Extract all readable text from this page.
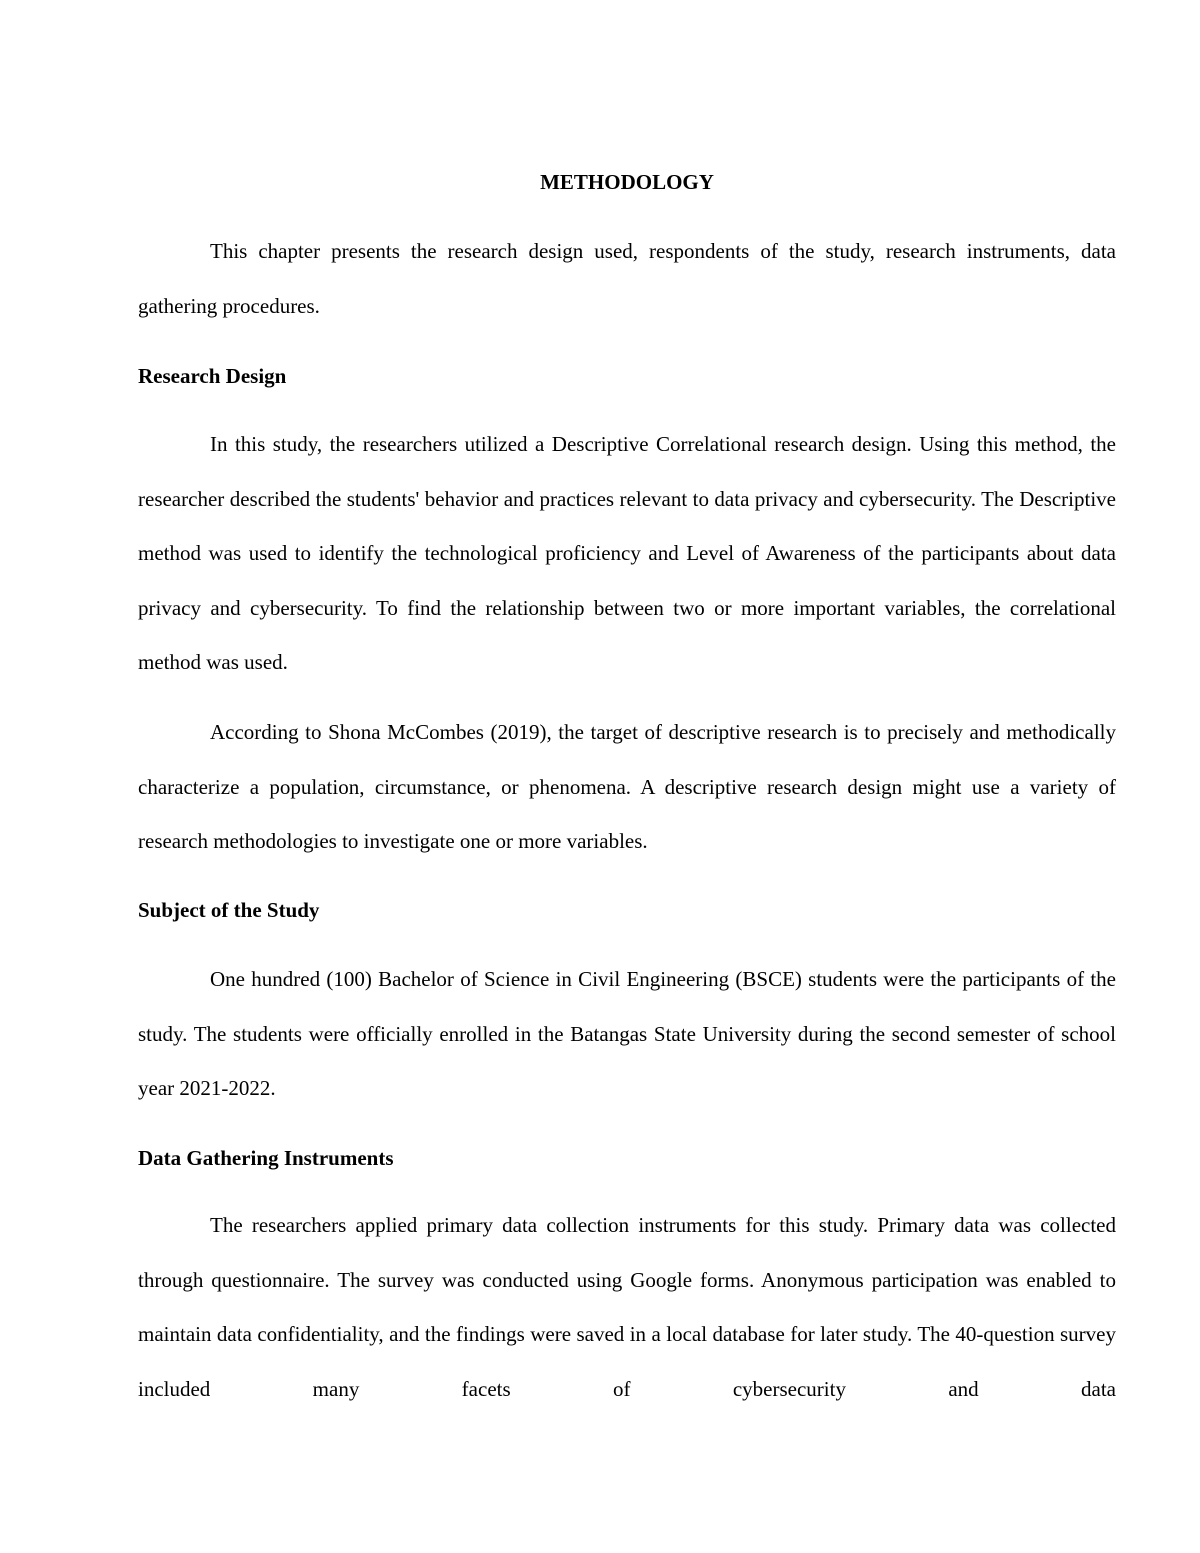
METHODOLOGY

This chapter presents the research design used, respondents of the study, research instruments, data gathering procedures.

Research Design

In this study, the researchers utilized a Descriptive Correlational research design. Using this method, the researcher described the students' behavior and practices relevant to data privacy and cybersecurity. The Descriptive method was used to identify the technological proficiency and Level of Awareness of the participants about data privacy and cybersecurity. To find the relationship between two or more important variables, the correlational method was used.

According to Shona McCombes (2019), the target of descriptive research is to precisely and methodically characterize a population, circumstance, or phenomena. A descriptive research design might use a variety of research methodologies to investigate one or more variables.

Subject of the Study

One hundred (100) Bachelor of Science in Civil Engineering (BSCE) students were the participants of the study. The students were officially enrolled in the Batangas State University during the second semester of school year 2021-2022.

Data Gathering Instruments

The researchers applied primary data collection instruments for this study. Primary data was collected through questionnaire. The survey was conducted using Google forms. Anonymous participation was enabled to maintain data confidentiality, and the findings were saved in a local database for later study. The 40-question survey included many facets of cybersecurity and data
